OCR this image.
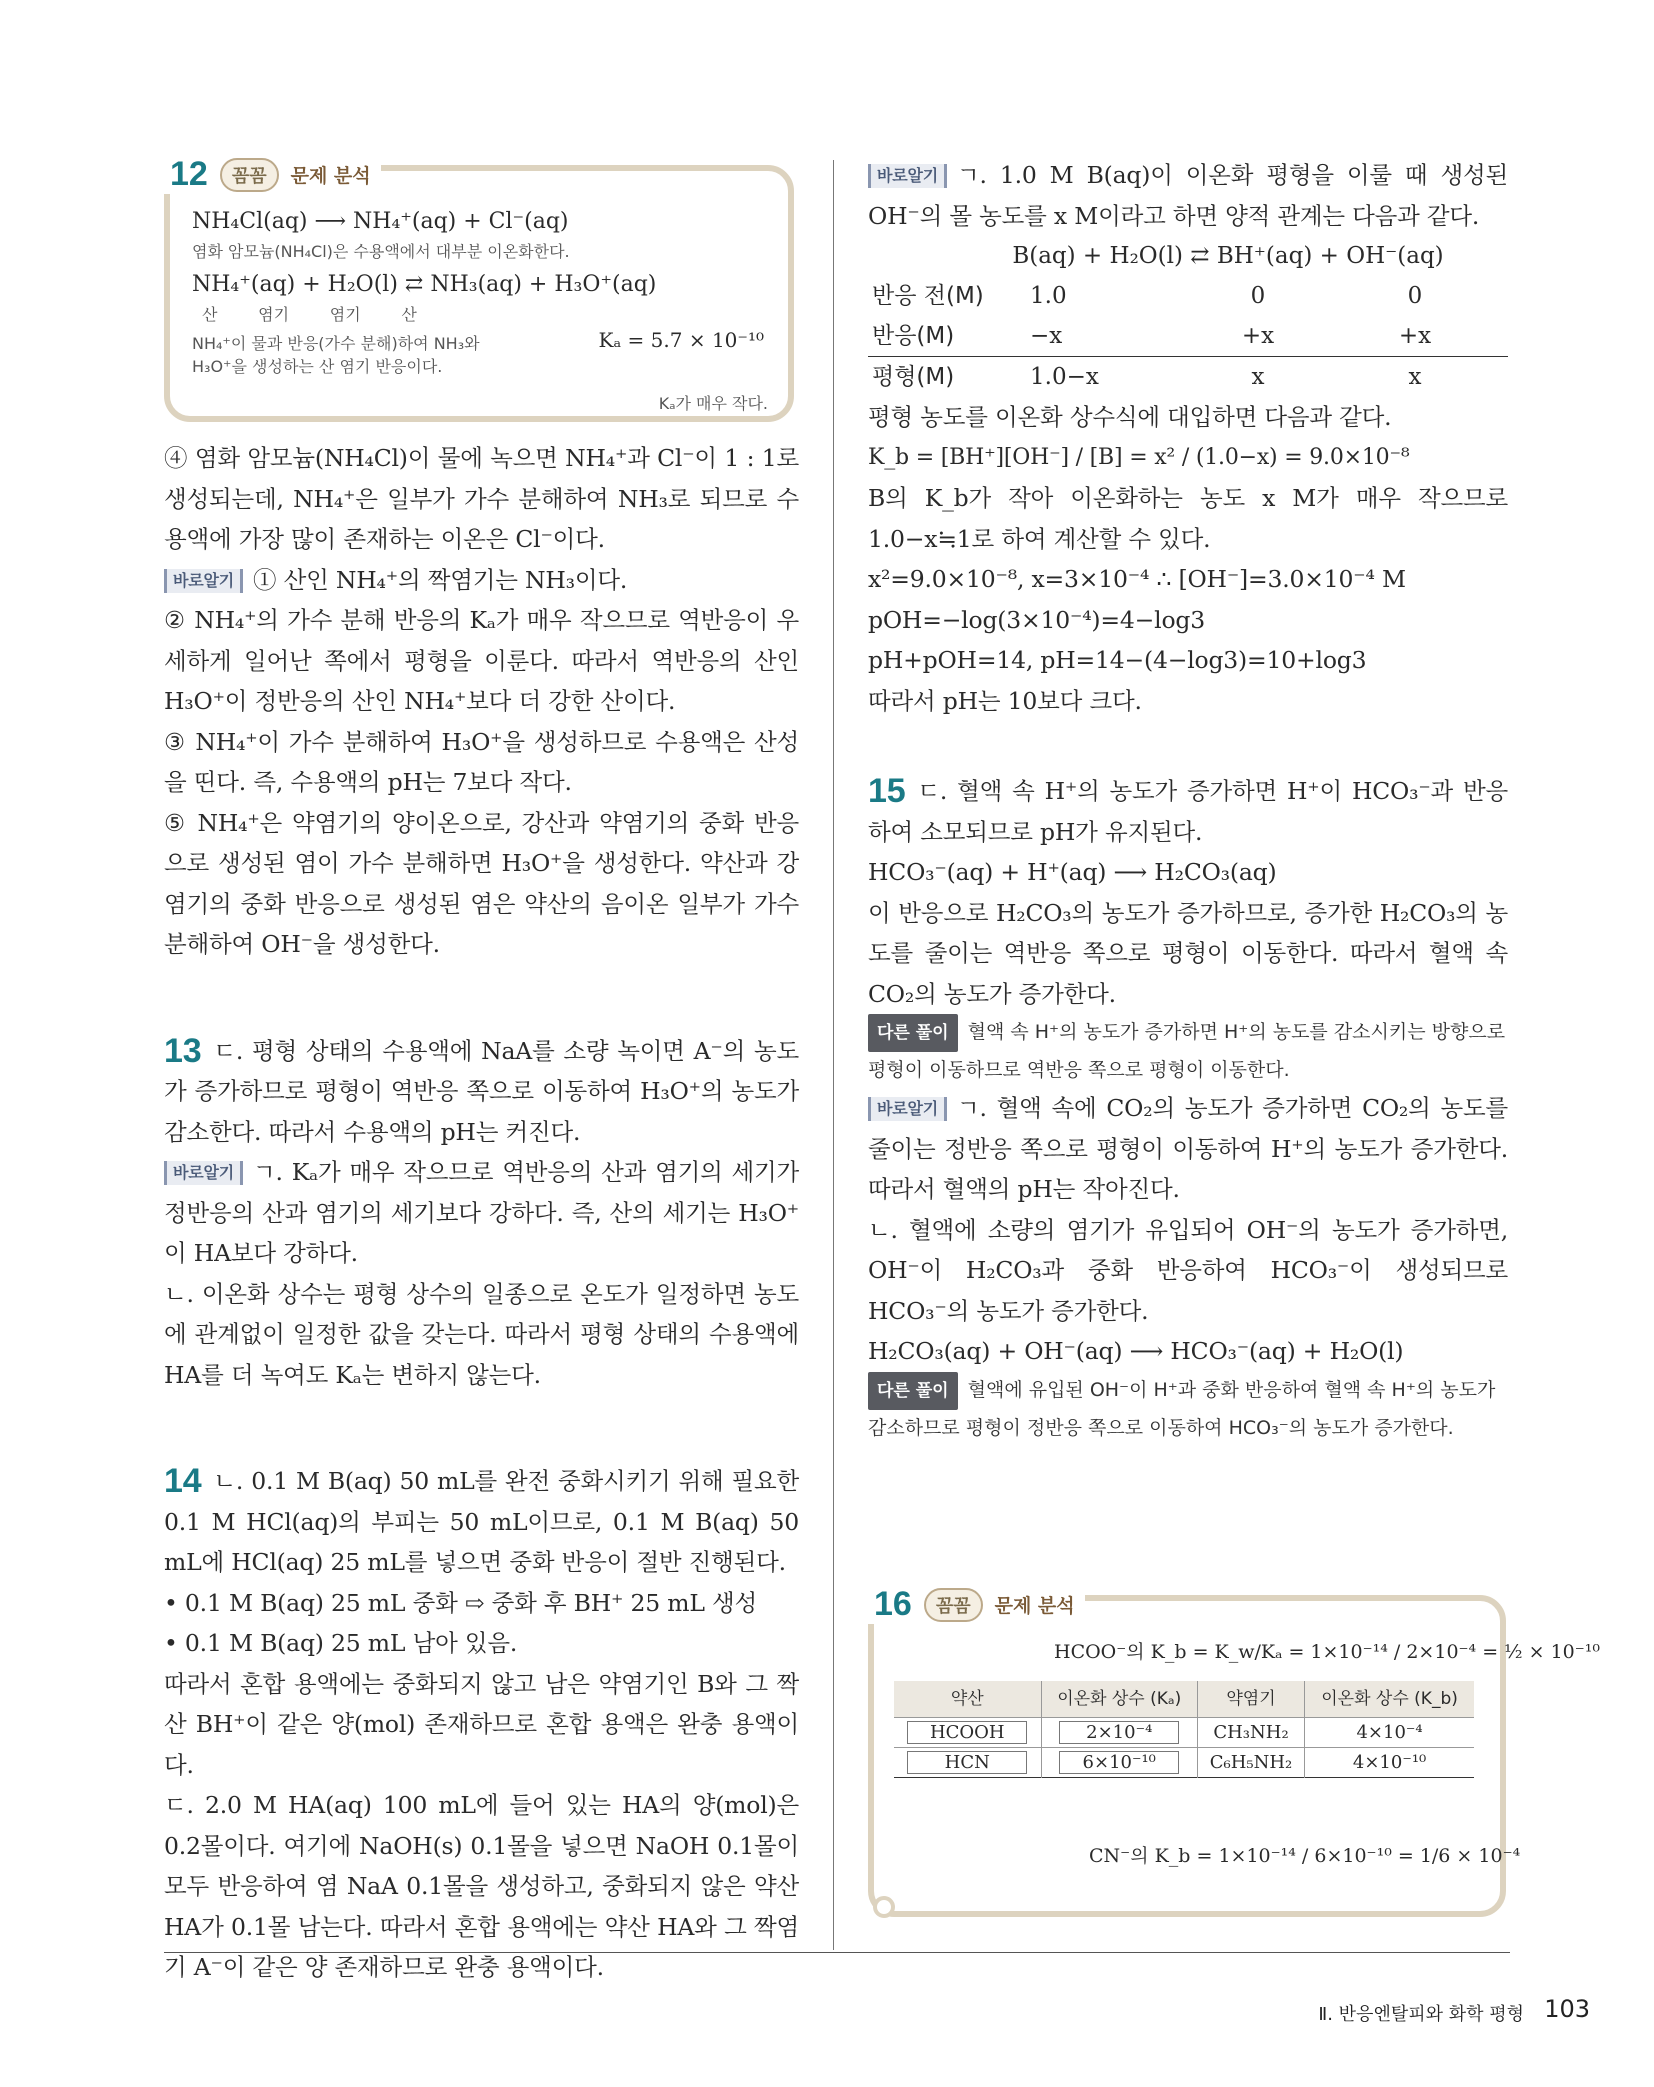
12	꼼꼼	문제 분석
NH₄Cl(aq) ⟶ NH₄⁺(aq) + Cl⁻(aq)
염화 암모늄(NH₄Cl)은 수용액에서 대부분 이온화한다.
NH₄⁺(aq) + H₂O(l) ⇄ NH₃(aq) + H₃O⁺(aq)
산        염기        염기        산
Kₐ = 5.7 × 10⁻¹⁰
NH₄⁺이 물과 반응(가수 분해)하여 NH₃와
H₃O⁺을 생성하는 산 염기 반응이다.
Kₐ가 매우 작다.

④ 염화 암모늄(NH₄Cl)이 물에 녹으면 NH₄⁺과 Cl⁻이 1 : 1로 생성되는데, NH₄⁺은 일부가 가수 분해하여 NH₃로 되므로 수용액에 가장 많이 존재하는 이온은 Cl⁻이다.

바로알기 ① 산인 NH₄⁺의 짝염기는 NH₃이다.

② NH₄⁺의 가수 분해 반응의 Kₐ가 매우 작으므로 역반응이 우세하게 일어난 쪽에서 평형을 이룬다. 따라서 역반응의 산인 H₃O⁺이 정반응의 산인 NH₄⁺보다 더 강한 산이다.

③ NH₄⁺이 가수 분해하여 H₃O⁺을 생성하므로 수용액은 산성을 띤다. 즉, 수용액의 pH는 7보다 작다.

⑤ NH₄⁺은 약염기의 양이온으로, 강산과 약염기의 중화 반응으로 생성된 염이 가수 분해하면 H₃O⁺을 생성한다. 약산과 강염기의 중화 반응으로 생성된 염은 약산의 음이온 일부가 가수 분해하여 OH⁻을 생성한다.

13 ㄷ. 평형 상태의 수용액에 NaA를 소량 녹이면 A⁻의 농도가 증가하므로 평형이 역반응 쪽으로 이동하여 H₃O⁺의 농도가 감소한다. 따라서 수용액의 pH는 커진다.

바로알기 ㄱ. Kₐ가 매우 작으므로 역반응의 산과 염기의 세기가 정반응의 산과 염기의 세기보다 강하다. 즉, 산의 세기는 H₃O⁺이 HA보다 강하다.

ㄴ. 이온화 상수는 평형 상수의 일종으로 온도가 일정하면 농도에 관계없이 일정한 값을 갖는다. 따라서 평형 상태의 수용액에 HA를 더 녹여도 Kₐ는 변하지 않는다.

14 ㄴ. 0.1 M B(aq) 50 mL를 완전 중화시키기 위해 필요한 0.1 M HCl(aq)의 부피는 50 mL이므로, 0.1 M B(aq) 50 mL에 HCl(aq) 25 mL를 넣으면 중화 반응이 절반 진행된다.

• 0.1 M B(aq) 25 mL 중화 ⇨ 중화 후 BH⁺ 25 mL 생성

• 0.1 M B(aq) 25 mL 남아 있음.

따라서 혼합 용액에는 중화되지 않고 남은 약염기인 B와 그 짝산 BH⁺이 같은 양(mol) 존재하므로 혼합 용액은 완충 용액이다.

ㄷ. 2.0 M HA(aq) 100 mL에 들어 있는 HA의 양(mol)은 0.2몰이다. 여기에 NaOH(s) 0.1몰을 넣으면 NaOH 0.1몰이 모두 반응하여 염 NaA 0.1몰을 생성하고, 중화되지 않은 약산 HA가 0.1몰 남는다. 따라서 혼합 용액에는 약산 HA와 그 짝염기 A⁻이 같은 양 존재하므로 완충 용액이다.

바로알기 ㄱ. 1.0 M B(aq)이 이온화 평형을 이룰 때 생성된 OH⁻의 몰 농도를 x M이라고 하면 양적 관계는 다음과 같다.

B(aq) + H₂O(l) ⇄ BH⁺(aq) + OH⁻(aq)
반응 전(M)	1.0	0	0
반응(M)	−x	+x	+x
평형(M)	1.0−x	x	x

평형 농도를 이온화 상수식에 대입하면 다음과 같다.

K_b = [BH⁺][OH⁻] / [B] = x² / (1.0−x) = 9.0×10⁻⁸

B의 K_b가 작아 이온화하는 농도 x M가 매우 작으므로 1.0−x≒1로 하여 계산할 수 있다.

x²=9.0×10⁻⁸, x=3×10⁻⁴ ∴ [OH⁻]=3.0×10⁻⁴ M

pOH=−log(3×10⁻⁴)=4−log3

pH+pOH=14, pH=14−(4−log3)=10+log3

따라서 pH는 10보다 크다.

15 ㄷ. 혈액 속 H⁺의 농도가 증가하면 H⁺이 HCO₃⁻과 반응하여 소모되므로 pH가 유지된다.

HCO₃⁻(aq) + H⁺(aq) ⟶ H₂CO₃(aq)

이 반응으로 H₂CO₃의 농도가 증가하므로, 증가한 H₂CO₃의 농도를 줄이는 역반응 쪽으로 평형이 이동한다. 따라서 혈액 속 CO₂의 농도가 증가한다.

다른 풀이 혈액 속 H⁺의 농도가 증가하면 H⁺의 농도를 감소시키는 방향으로 평형이 이동하므로 역반응 쪽으로 평형이 이동한다.

바로알기 ㄱ. 혈액 속에 CO₂의 농도가 증가하면 CO₂의 농도를 줄이는 정반응 쪽으로 평형이 이동하여 H⁺의 농도가 증가한다. 따라서 혈액의 pH는 작아진다.

ㄴ. 혈액에 소량의 염기가 유입되어 OH⁻의 농도가 증가하면, OH⁻이 H₂CO₃과 중화 반응하여 HCO₃⁻이 생성되므로 HCO₃⁻의 농도가 증가한다.

H₂CO₃(aq) + OH⁻(aq) ⟶ HCO₃⁻(aq) + H₂O(l)

다른 풀이 혈액에 유입된 OH⁻이 H⁺과 중화 반응하여 혈액 속 H⁺의 농도가 감소하므로 평형이 정반응 쪽으로 이동하여 HCO₃⁻의 농도가 증가한다.

16	꼼꼼	문제 분석
HCOO⁻의 K_b = K_w/Kₐ = 1×10⁻¹⁴ / 2×10⁻⁴ = ½ × 10⁻¹⁰
약산	이온화 상수 (Kₐ)	약염기	이온화 상수 (K_b)
HCOOH	2×10⁻⁴	CH₃NH₂	4×10⁻⁴
HCN	6×10⁻¹⁰	C₆H₅NH₂	4×10⁻¹⁰
CN⁻의 K_b = 1×10⁻¹⁴ / 6×10⁻¹⁰ = 1/6 × 10⁻⁴
Ⅱ. 반응엔탈피와 화학 평형 103
